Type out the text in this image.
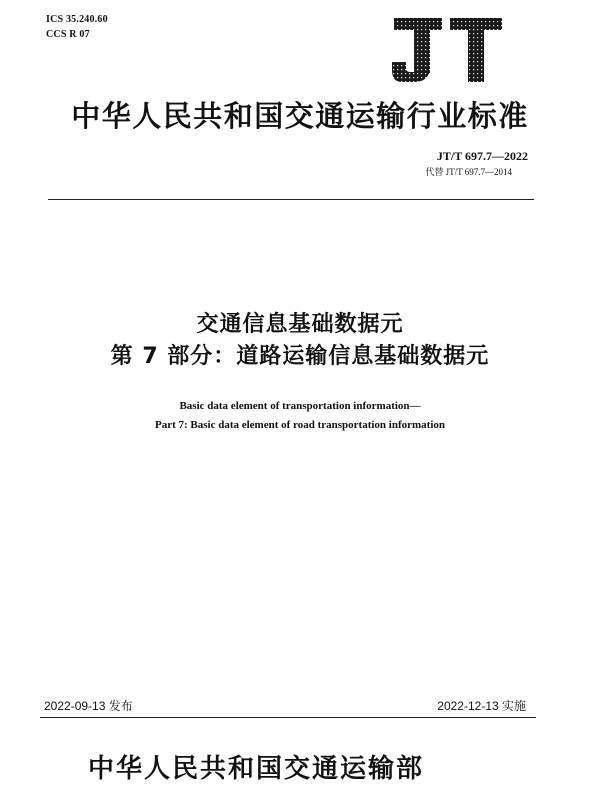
ICS 35.240.60
CCS R 07
中华人民共和国交通运输行业标准
JT/T 697.7—2022
代替 JT/T 697.7—2014
交通信息基础数据元
第 7 部分：道路运输信息基础数据元
Basic data element of transportation information—
Part 7: Basic data element of road transportation information
2022-09-13 发布	2022-12-13 实施
中华人民共和国交通运输部
